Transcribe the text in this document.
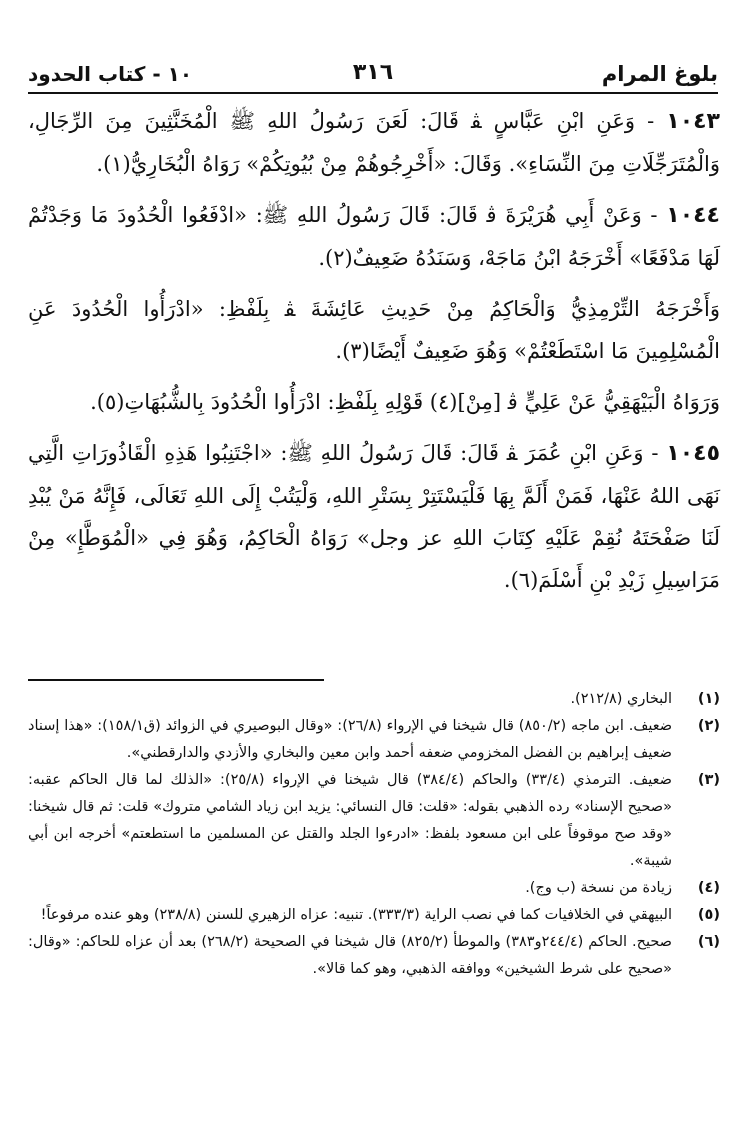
بلوغ المرام
٣١٦
١٠ - كتاب الحدود

١٠٤٣ - وَعَنِ ابْنِ عَبَّاسٍ ﭭ قَالَ: لَعَنَ رَسُولُ اللهِ ﷺ الْمُخَنَّثِينَ مِنَ الرِّجَالِ، وَالْمُتَرَجِّلَاتِ مِنَ النِّسَاءِ». وَقَالَ: «أَخْرِجُوهُمْ مِنْ بُيُوتِكُمْ» رَوَاهُ الْبُخَارِيُّ(١).

١٠٤٤ - وَعَنْ أَبِي هُرَيْرَةَ ﭬ قَالَ: قَالَ رَسُولُ اللهِ ﷺ: «ادْفَعُوا الْحُدُودَ مَا وَجَدْتُمْ لَهَا مَدْفَعًا» أَخْرَجَهُ ابْنُ مَاجَهْ، وَسَنَدُهُ ضَعِيفٌ(٢).

وَأَخْرَجَهُ التِّرْمِذِيُّ وَالْحَاكِمُ مِنْ حَدِيثِ عَائِشَةَ ﭭ بِلَفْظِ: «ادْرَأُوا الْحُدُودَ عَنِ الْمُسْلِمِينَ مَا اسْتَطَعْتُمْ» وَهُوَ ضَعِيفٌ أَيْضًا(٣).

وَرَوَاهُ الْبَيْهَقِيُّ عَنْ عَلِيٍّ ﭬ [مِنْ](٤) قَوْلِهِ بِلَفْظِ: ادْرَأُوا الْحُدُودَ بِالشُّبُهَاتِ(٥).

١٠٤٥ - وَعَنِ ابْنِ عُمَرَ ﭭ قَالَ: قَالَ رَسُولُ اللهِ ﷺ: «اجْتَنِبُوا هَذِهِ الْقَاذُورَاتِ الَّتِي نَهَى اللهُ عَنْهَا، فَمَنْ أَلَمَّ بِهَا فَلْيَسْتَتِرْ بِسَتْرِ اللهِ، وَلْيَتُبْ إِلَى اللهِ تَعَالَى، فَإِنَّهُ مَنْ يُبْدِ لَنَا صَفْحَتَهُ نُقِمْ عَلَيْهِ كِتَابَ اللهِ عز وجل» رَوَاهُ الْحَاكِمُ، وَهُوَ فِي «الْمُوَطَّإِ» مِنْ مَرَاسِيلِ زَيْدِ بْنِ أَسْلَمَ(٦).

(١)
البخاري (٢١٢/٨).
(٢)
ضعيف. ابن ماجه (٨٥٠/٢) قال شيخنا في الإرواء (٢٦/٨): «وقال البوصيري في الزوائد (ق١٥٨/١): «هذا إسناد ضعيف إبراهيم بن الفضل المخزومي ضعفه أحمد وابن معين والبخاري والأزدي والدارقطني».
(٣)
ضعيف. الترمذي (٣٣/٤) والحاكم (٣٨٤/٤) قال شيخنا في الإرواء (٢٥/٨): «الذلك لما قال الحاكم عقبه: «صحيح الإسناد» رده الذهبي بقوله: «قلت: قال النسائي: يزيد ابن زياد الشامي متروك» قلت: ثم قال شيخنا: «وقد صح موقوفاً على ابن مسعود بلفظ: «ادرءوا الجلد والقتل عن المسلمين ما استطعتم» أخرجه ابن أبي شيبة».
(٤)
زيادة من نسخة (ب وج).
(٥)
البيهقي في الخلافيات كما في نصب الراية (٣٣٣/٣). تنبيه: عزاه الزهيري للسنن (٢٣٨/٨) وهو عنده مرفوعاً!
(٦)
صحيح. الحاكم (٢٤٤/٤و٣٨٣) والموطأ (٨٢٥/٢) قال شيخنا في الصحيحة (٢٦٨/٢) بعد أن عزاه للحاكم: «وقال: «صحيح على شرط الشيخين» ووافقه الذهبي، وهو كما قالا».
